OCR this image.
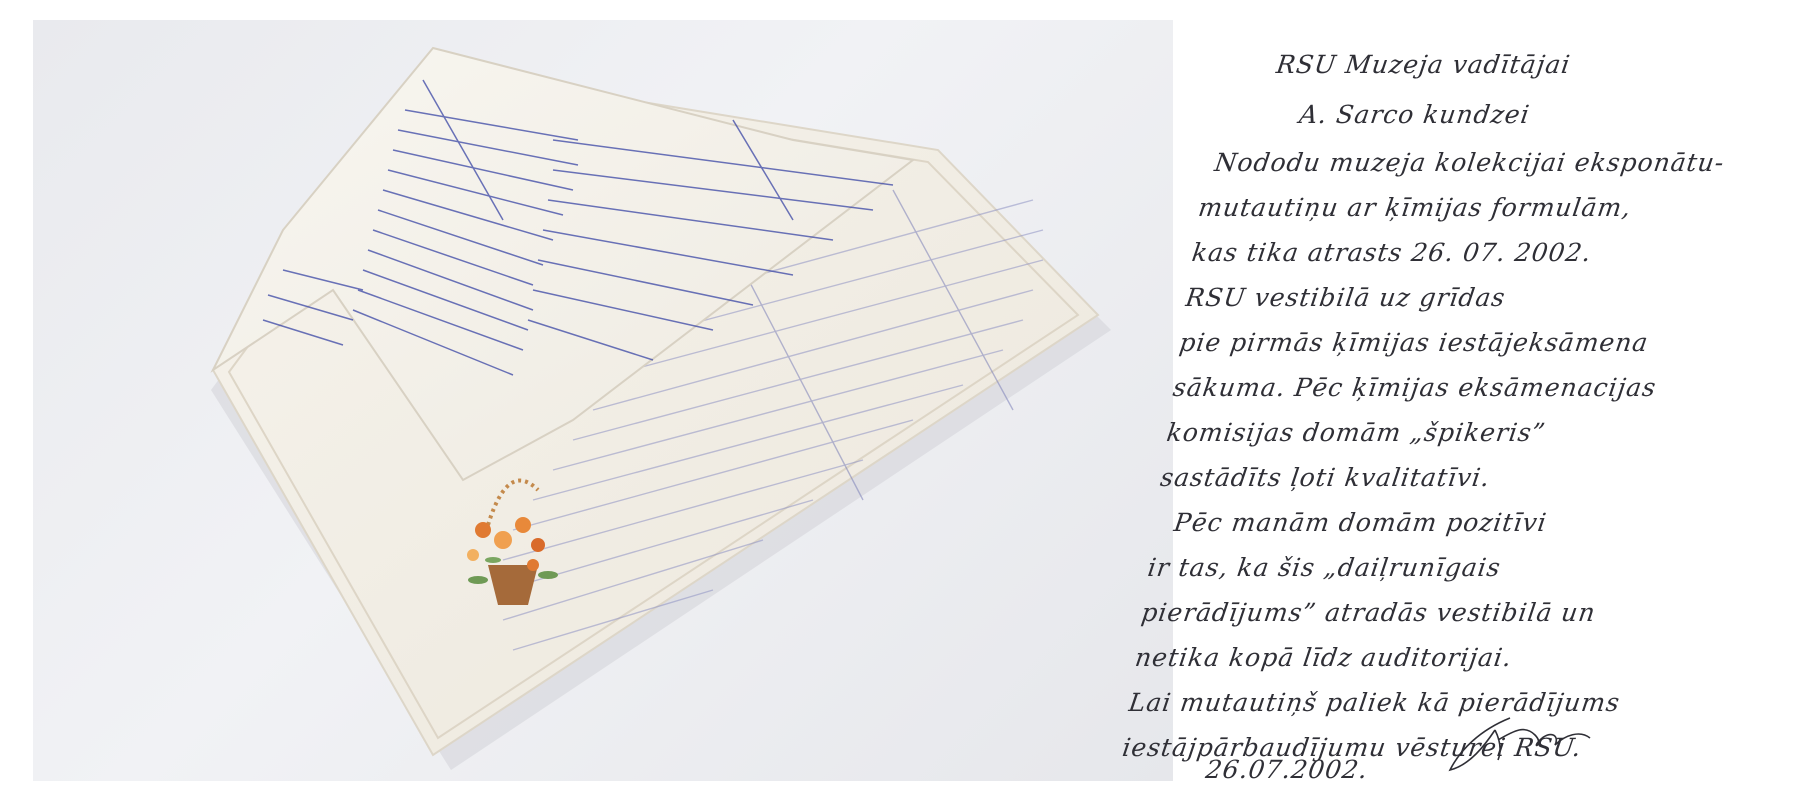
RSU Muzeja vadītājai
A. Sarco kundzei
Nododu muzeja kolekcijai eksponātu-
mutautiņu ar ķīmijas formulām,
kas tika atrasts 26. 07. 2002.
RSU vestibilā uz grīdas
pie pirmās ķīmijas iestājeksāmena
sākuma. Pēc ķīmijas eksāmenacijas
komisijas domām „špikeris”
sastādīts ļoti kvalitatīvi.
Pēc manām domām pozitīvi
ir tas, ka šis „daiļrunīgais
pierādījums” atradās vestibilā un
netika kopā līdz auditorijai.
Lai mutautiņš paliek kā pierādījums
iestājpārbaudījumu vēsturei RSU.
26.07.2002.
